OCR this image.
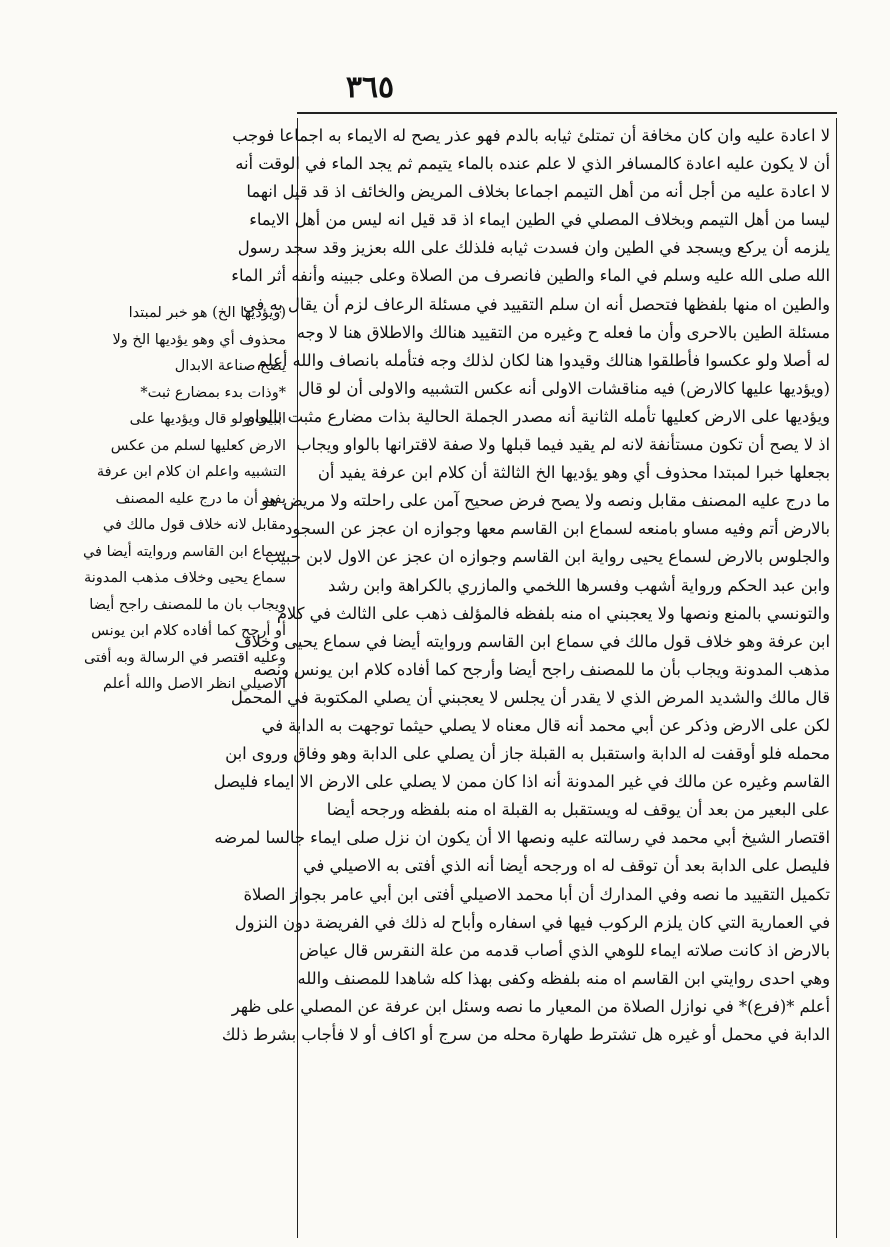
٣٦٥
لا اعادة عليه وان كان مخافة أن تمتلئ ثيابه بالدم فهو عذر يصح له الايماء به اجماعا فوجب
أن لا يكون عليه اعادة كالمسافر الذي لا علم عنده بالماء يتيمم ثم يجد الماء في الوقت أنه
لا اعادة عليه من أجل أنه من أهل التيمم اجماعا بخلاف المريض والخائف اذ قد قيل انهما
ليسا من أهل التيمم وبخلاف المصلي في الطين ايماء اذ قد قيل انه ليس من أهل الايماء
يلزمه أن يركع ويسجد في الطين وان فسدت ثيابه فلذلك على الله بعزيز وقد سجد رسول
الله صلى الله عليه وسلم في الماء والطين فانصرف من الصلاة وعلى جبينه وأنفه أثر الماء
والطين اه منها بلفظها فتحصل أنه ان سلم التقييد في مسئلة الرعاف لزم أن يقال به في
مسئلة الطين بالاحرى وأن ما فعله ح وغيره من التقييد هنالك والاطلاق هنا لا وجه
له أصلا ولو عكسوا فأطلقوا هنالك وقيدوا هنا لكان لذلك وجه فتأمله بانصاف والله أعلم
(ويؤديها عليها كالارض) فيه مناقشات الاولى أنه عكس التشبيه والاولى أن لو قال
ويؤديها على الارض كعليها تأمله الثانية أنه مصدر الجملة الحالية بذات مضارع مثبت بالواو
اذ لا يصح أن تكون مستأنفة لانه لم يقيد فيما قبلها ولا صفة لاقترانها بالواو ويجاب
بجعلها خبرا لمبتدا محذوف أي وهو يؤديها الخ الثالثة أن كلام ابن عرفة يفيد أن
ما درج عليه المصنف مقابل ونصه ولا يصح فرض صحيح آمن على راحلته ولا مريض هو
بالارض أتم وفيه مساو بامنعه لسماع ابن القاسم معها وجوازه ان عجز عن السجود
والجلوس بالارض لسماع يحيى رواية ابن القاسم وجوازه ان عجز عن الاول لابن حبيب
وابن عبد الحكم ورواية أشهب وفسرها اللخمي والمازري بالكراهة وابن رشد
والتونسي بالمنع ونصها ولا يعجبني اه منه بلفظه فالمؤلف ذهب على الثالث في كلام
ابن عرفة وهو خلاف قول مالك في سماع ابن القاسم وروايته أيضا في سماع يحيى وخلاف
مذهب المدونة ويجاب بأن ما للمصنف راجح أيضا وأرجح كما أفاده كلام ابن يونس ونصه
قال مالك والشديد المرض الذي لا يقدر أن يجلس لا يعجبني أن يصلي المكتوبة في المحمل
لكن على الارض وذكر عن أبي محمد أنه قال معناه لا يصلي حيثما توجهت به الدابة في
محمله فلو أوقفت له الدابة واستقبل به القبلة جاز أن يصلي على الدابة وهو وفاق وروى ابن
القاسم وغيره عن مالك في غير المدونة أنه اذا كان ممن لا يصلي على الارض الا ايماء فليصل
على البعير من بعد أن يوقف له ويستقبل به القبلة اه منه بلفظه ورجحه أيضا
اقتصار الشيخ أبي محمد في رسالته عليه ونصها الا أن يكون ان نزل صلى ايماء جالسا لمرضه
فليصل على الدابة بعد أن توقف له اه ورجحه أيضا أنه الذي أفتى به الاصيلي في
تكميل التقييد ما نصه وفي المدارك أن أبا محمد الاصيلي أفتى ابن أبي عامر بجواز الصلاة
في العمارية التي كان يلزم الركوب فيها في اسفاره وأباح له ذلك في الفريضة دون النزول
بالارض اذ كانت صلاته ايماء للوهي الذي أصاب قدمه من علة النقرس قال عياض
وهي احدى روايتي ابن القاسم اه منه بلفظه وكفى بهذا كله شاهدا للمصنف والله
أعلم *(فرع)* في نوازل الصلاة من المعيار ما نصه وسئل ابن عرفة عن المصلي على ظهر
الدابة في محمل أو غيره هل تشترط طهارة محله من سرج أو اكاف أو لا فأجاب بشرط ذلك
(ويؤديها الخ) هو خبر لمبتدا
محذوف أي وهو يؤديها الخ ولا
يصح صناعة الابدال
*وذات بدء بمضارع ثبت*
البيت ولو قال ويؤديها على
الارض كعليها لسلم من عكس
التشبيه واعلم ان كلام ابن عرفة
يفيد أن ما درج عليه المصنف
مقابل لانه خلاف قول مالك في
سماع ابن القاسم وروايته أيضا في
سماع يحيى وخلاف مذهب المدونة
ويجاب بان ما للمصنف راجح أيضا
أو أرجح كما أفاده كلام ابن يونس
وعليه اقتصر في الرسالة وبه أفتى
الاصيلي انظر الاصل والله أعلم
